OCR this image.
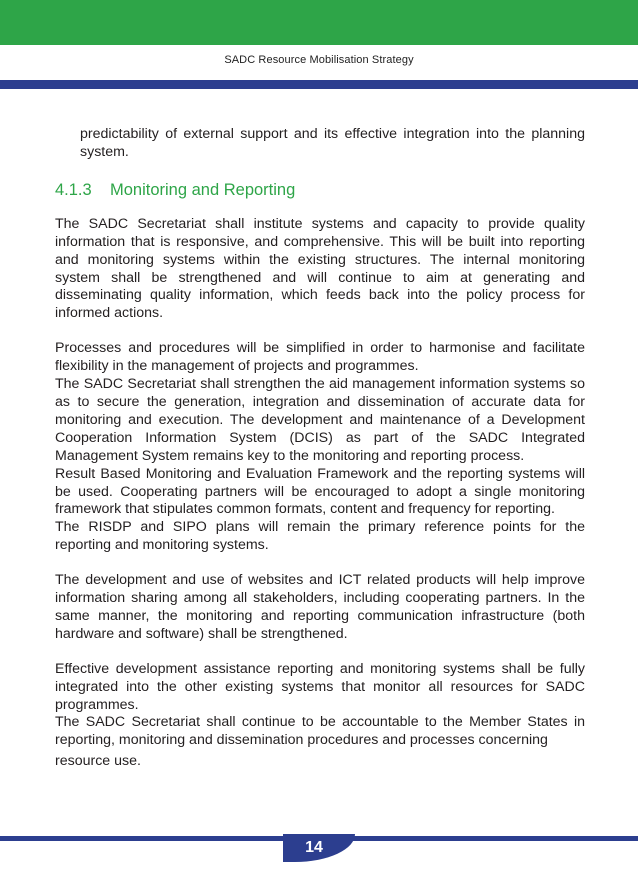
SADC Resource Mobilisation Strategy

predictability of external support and its effective integration into the planning system.

4.1.3 Monitoring and Reporting

The SADC Secretariat shall institute systems and capacity to provide quality information that is responsive, and comprehensive. This will be built into reporting and monitoring systems within the existing structures. The internal monitoring system shall be strengthened and will continue to aim at generating and disseminating quality information, which feeds back into the policy process for informed actions.

Processes and procedures will be simplified in order to harmonise and facilitate flexibility in the management of projects and programmes.

The SADC Secretariat shall strengthen the aid management information systems so as to secure the generation, integration and dissemination of accurate data for monitoring and execution. The development and maintenance of a Development Cooperation Information System (DCIS) as part of the SADC Integrated Management System remains key to the monitoring and reporting process.

Result Based Monitoring and Evaluation Framework and the reporting systems will be used. Cooperating partners will be encouraged to adopt a single monitoring framework that stipulates common formats, content and frequency for reporting.

The RISDP and SIPO plans will remain the primary reference points for the reporting and monitoring systems.

The development and use of websites and ICT related products will help improve information sharing among all stakeholders, including cooperating partners. In the same manner, the monitoring and reporting communication infrastructure (both hardware and software) shall be strengthened.

Effective development assistance reporting and monitoring systems shall be fully integrated into the other existing systems that monitor all resources for SADC programmes.

The SADC Secretariat shall continue to be accountable to the Member States in reporting, monitoring and dissemination procedures and processes concerning

resource use.

14
